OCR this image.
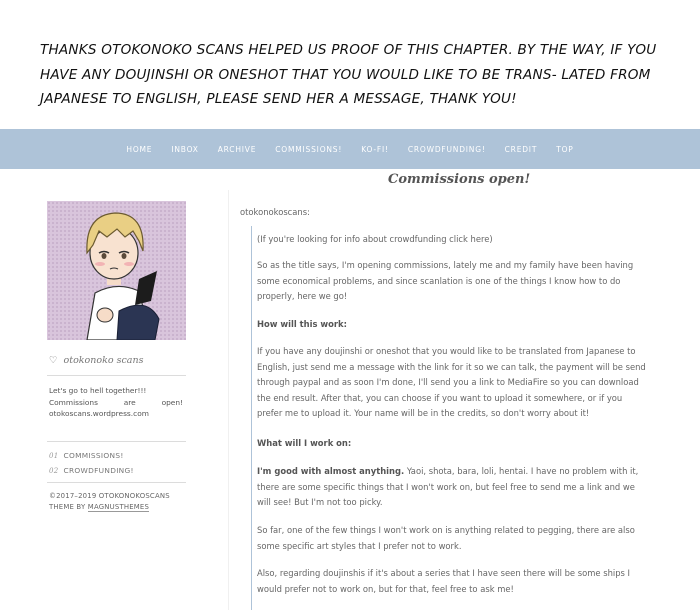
THANKS OTOKONOKO SCANS HELPED US PROOF OF THIS CHAPTER. BY THE WAY, IF YOU HAVE ANY DOUJINSHI OR ONESHOT THAT YOU WOULD LIKE TO BE TRANS- LATED FROM JAPANESE TO ENGLISH, PLEASE SEND HER A MESSAGE, THANK YOU!

HOME	INBOX	ARCHIVE	COMMISSIONS!	KO-FI!	CROWDFUNDING!	CREDIT	TOP
Commissions open!
♡ otokonoko scans
Let's go to hell together!!!
Commissions	are	open!
otokoscans.wordpress.com
01 COMMISSIONS!
02 CROWDFUNDING!
©2017–2019 OTOKONOKOSCANS
THEME BY MAGNUSTHEMES
otokonokoscans:

(If you're looking for info about crowdfunding click here)

So as the title says, I'm opening commissions, lately me and my family have been having some economical problems, and since scanlation is one of the things I know how to do properly, here we go!

How will this work:

If you have any doujinshi or oneshot that you would like to be translated from Japanese to English, just send me a message with the link for it so we can talk, the payment will be send through paypal and as soon I'm done, I'll send you a link to MediaFire so you can download the end result. After that, you can choose if you want to upload it somewhere, or if you prefer me to upload it. Your name will be in the credits, so don't worry about it!

What will I work on:

I'm good with almost anything. Yaoi, shota, bara, loli, hentai. I have no problem with it, there are some specific things that I won't work on, but feel free to send me a link and we will see! But I'm not too picky.

So far, one of the few things I won't work on is anything related to pegging, there are also some specific art styles that I prefer not to work.

Also, regarding doujinshis if it's about a series that I have seen there will be some ships I would prefer not to work on, but for that, feel free to ask me!
